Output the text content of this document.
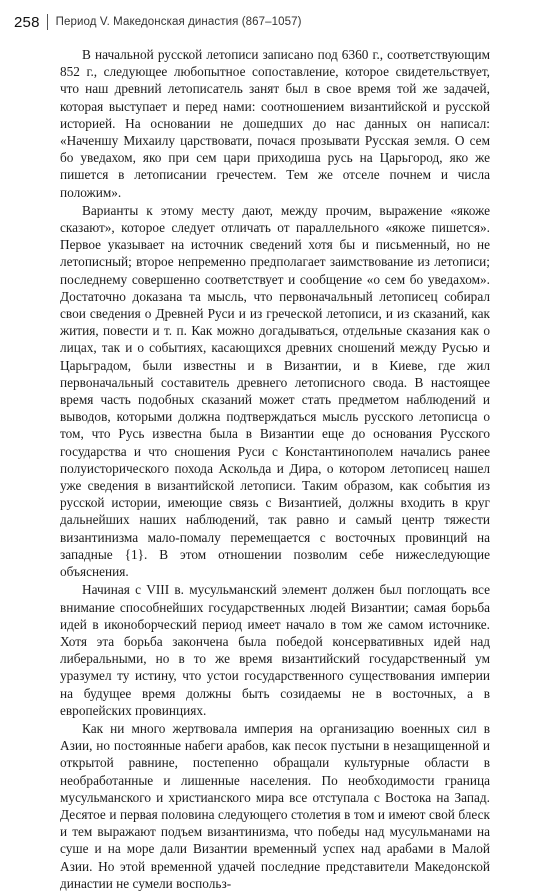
258 Период V. Македонская династия (867–1057)

В начальной русской летописи записано под 6360 г., соответствующим 852 г., следующее любопытное сопоставление, которое свидетельствует, что наш древний летописатель занят был в свое время той же задачей, которая выступает и перед нами: соотношением византийской и русской историей. На основании не дошедших до нас данных он написал: «Наченшу Михаилу царствовати, почася прозывати Русская земля. О сем бо уведахом, яко при сем цари приходиша русь на Царьгород, яко же пишется в летописании гречестем. Тем же отселе почнем и числа положим».

Варианты к этому месту дают, между прочим, выражение «якоже сказают», которое следует отличать от параллельного «якоже пишется». Первое указывает на источник сведений хотя бы и письменный, но не летописный; второе непременно предполагает заимствование из летописи; последнему совершенно соответствует и сообщение «о сем бо уведахом». Достаточно доказана та мысль, что первоначальный летописец собирал свои сведения о Древней Руси и из греческой летописи, и из сказаний, как жития, повести и т. п. Как можно догадываться, отдельные сказания как о лицах, так и о событиях, касающихся древних сношений между Русью и Царьградом, были известны и в Византии, и в Киеве, где жил первоначальный составитель древнего летописного свода. В настоящее время часть подобных сказаний может стать предметом наблюдений и выводов, которыми должна подтверждаться мысль русского летописца о том, что Русь известна была в Византии еще до основания Русского государства и что сношения Руси с Константинополем начались ранее полуисторического похода Аскольда и Дира, о котором летописец нашел уже сведения в византийской летописи. Таким образом, как события из русской истории, имеющие связь с Византией, должны входить в круг дальнейших наших наблюдений, так равно и самый центр тяжести византинизма мало-помалу перемещается с восточных провинций на западные {1}. В этом отношении позволим себе нижеследующие объяснения.

Начиная с VIII в. мусульманский элемент должен был поглощать все внимание способнейших государственных людей Византии; самая борьба идей в иконоборческий период имеет начало в том же самом источнике. Хотя эта борьба закончена была победой консервативных идей над либеральными, но в то же время византийский государственный ум уразумел ту истину, что устои государственного существования империи на будущее время должны быть созидаемы не в восточных, а в европейских провинциях.

Как ни много жертвовала империя на организацию военных сил в Азии, но постоянные набеги арабов, как песок пустыни в незащищенной и открытой равнине, постепенно обращали культурные области в необработанные и лишенные населения. По необходимости граница мусульманского и христианского мира все отступала с Востока на Запад. Десятое и первая половина следующего столетия в том и имеют свой блеск и тем выражают подъем византинизма, что победы над мусульманами на суше и на море дали Византии временный успех над арабами в Малой Азии. Но этой временной удачей последние представители Македонской династии не сумели воспольз-
